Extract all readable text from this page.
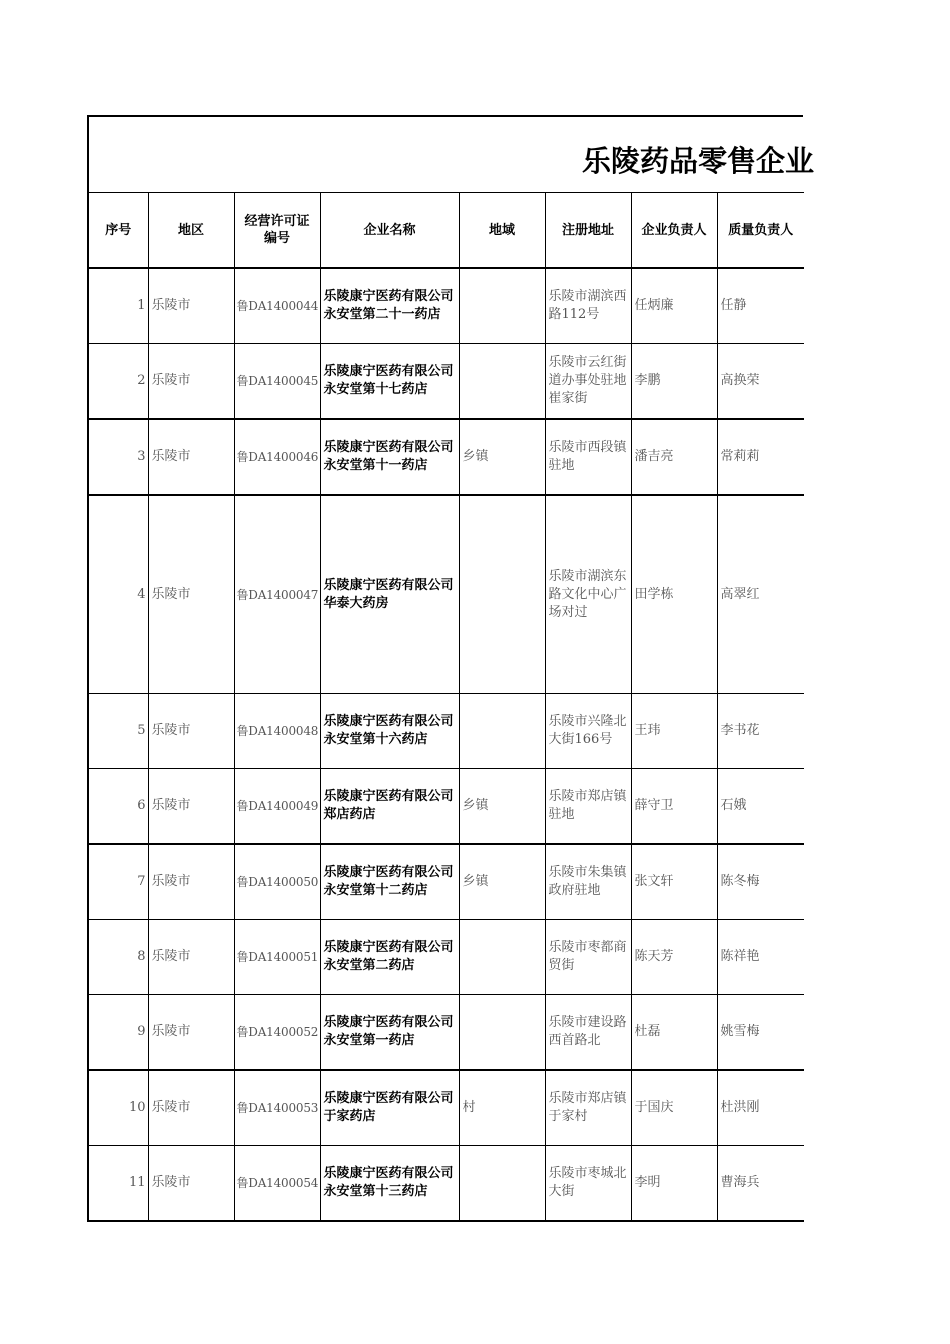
乐陵药品零售企业
序号	地区	经营许可证编号	企业名称	地域	注册地址	企业负责人	质量负责人
1	乐陵市	鲁DA1400044	乐陵康宁医药有限公司永安堂第二十一药店		乐陵市湖滨西路112号	任炳廉	任静
2	乐陵市	鲁DA1400045	乐陵康宁医药有限公司永安堂第十七药店		乐陵市云红街道办事处驻地崔家街	李鹏	高换荣
3	乐陵市	鲁DA1400046	乐陵康宁医药有限公司永安堂第十一药店	乡镇	乐陵市西段镇驻地	潘吉亮	常莉莉
4	乐陵市	鲁DA1400047	乐陵康宁医药有限公司华泰大药房		乐陵市湖滨东路文化中心广场对过	田学栋	高翠红
5	乐陵市	鲁DA1400048	乐陵康宁医药有限公司永安堂第十六药店		乐陵市兴隆北大街166号	王玮	李书花
6	乐陵市	鲁DA1400049	乐陵康宁医药有限公司郑店药店	乡镇	乐陵市郑店镇驻地	薛守卫	石娥
7	乐陵市	鲁DA1400050	乐陵康宁医药有限公司永安堂第十二药店	乡镇	乐陵市朱集镇政府驻地	张文轩	陈冬梅
8	乐陵市	鲁DA1400051	乐陵康宁医药有限公司永安堂第二药店		乐陵市枣都商贸街	陈天芳	陈祥艳
9	乐陵市	鲁DA1400052	乐陵康宁医药有限公司永安堂第一药店		乐陵市建设路西首路北	杜磊	姚雪梅
10	乐陵市	鲁DA1400053	乐陵康宁医药有限公司于家药店	村	乐陵市郑店镇于家村	于国庆	杜洪刚
11	乐陵市	鲁DA1400054	乐陵康宁医药有限公司永安堂第十三药店		乐陵市枣城北大街	李明	曹海兵
